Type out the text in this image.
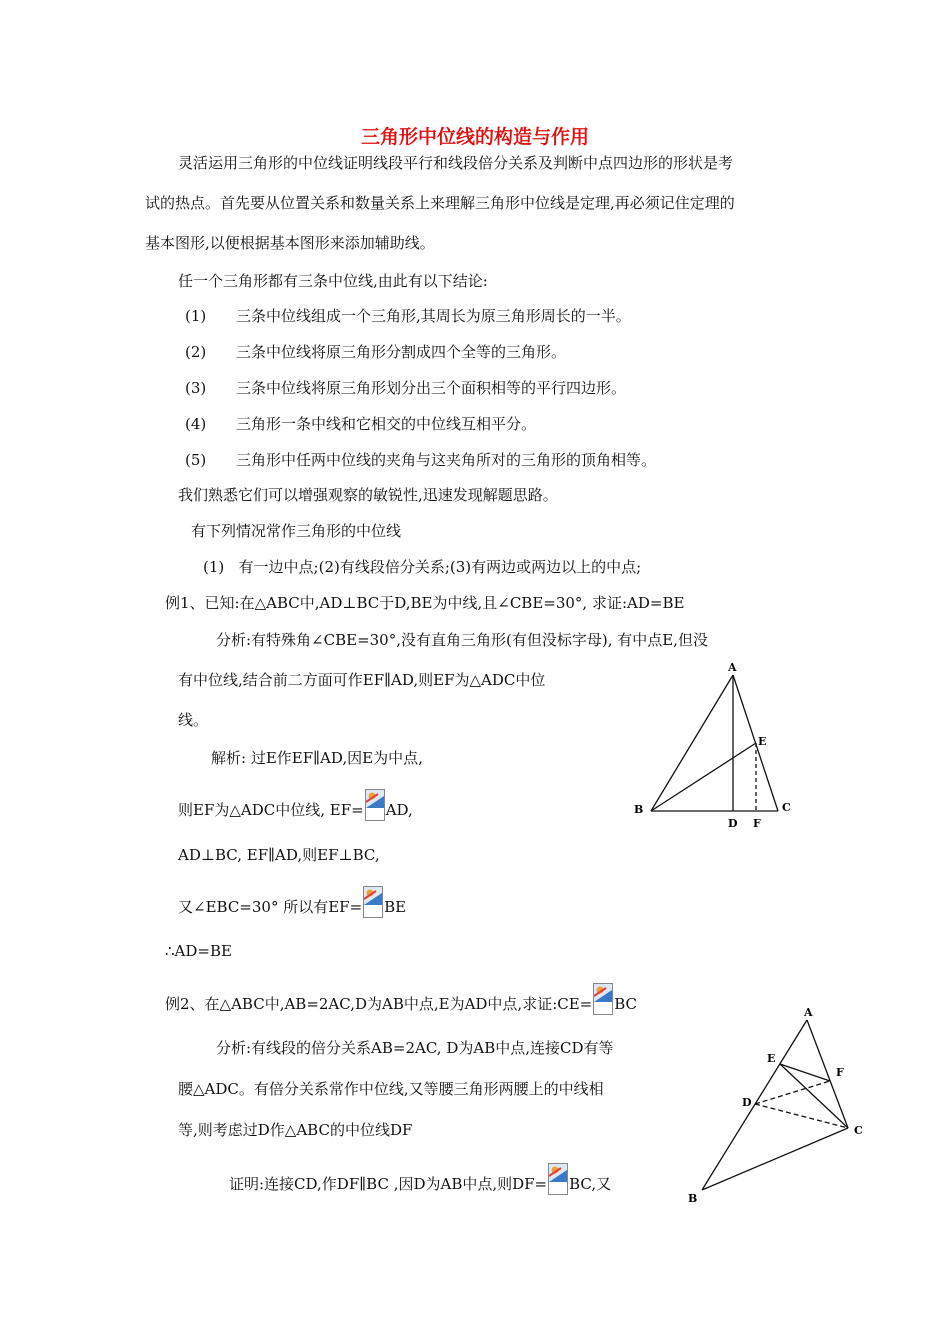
三角形中位线的构造与作用
灵活运用三角形的中位线证明线段平行和线段倍分关系及判断中点四边形的形状是考
试的热点。首先要从位置关系和数量关系上来理解三角形中位线是定理,再必须记住定理的
基本图形,以便根据基本图形来添加辅助线。
任一个三角形都有三条中位线,由此有以下结论:
(1) 三条中位线组成一个三角形,其周长为原三角形周长的一半。
(2) 三条中位线将原三角形分割成四个全等的三角形。
(3) 三条中位线将原三角形划分出三个面积相等的平行四边形。
(4) 三角形一条中线和它相交的中位线互相平分。
(5) 三角形中任两中位线的夹角与这夹角所对的三角形的顶角相等。
我们熟悉它们可以增强观察的敏锐性,迅速发现解题思路。
有下列情况常作三角形的中位线
(1)   有一边中点;(2)有线段倍分关系;(3)有两边或两边以上的中点;
例1、已知:在△ABC中,AD⊥BC于D,BE为中线,且∠CBE=30°, 求证:AD=BE
分析:有特殊角∠CBE=30°,没有直角三角形(有但没标字母), 有中点E,但没
有中位线,结合前二方面可作EF∥AD,则EF为△ADC中位
线。
解析: 过E作EF∥AD,因E为中点,
则EF为△ADC中位线, EF= AD,
AD⊥BC, EF∥AD,则EF⊥BC,
又∠EBC=30° 所以有EF= BE
∴AD=BE
A
B	C
D
E
F
例2、在△ABC中,AB=2AC,D为AB中点,E为AD中点,求证:CE= BC
分析:有线段的倍分关系AB=2AC, D为AB中点,连接CD有等
腰△ADC。有倍分关系常作中位线,又等腰三角形两腰上的中线相
等,则考虑过D作△ABC的中位线DF
证明:连接CD,作DF∥BC ,因D为AB中点,则DF= BC,又
A
B
C
D
E
F
